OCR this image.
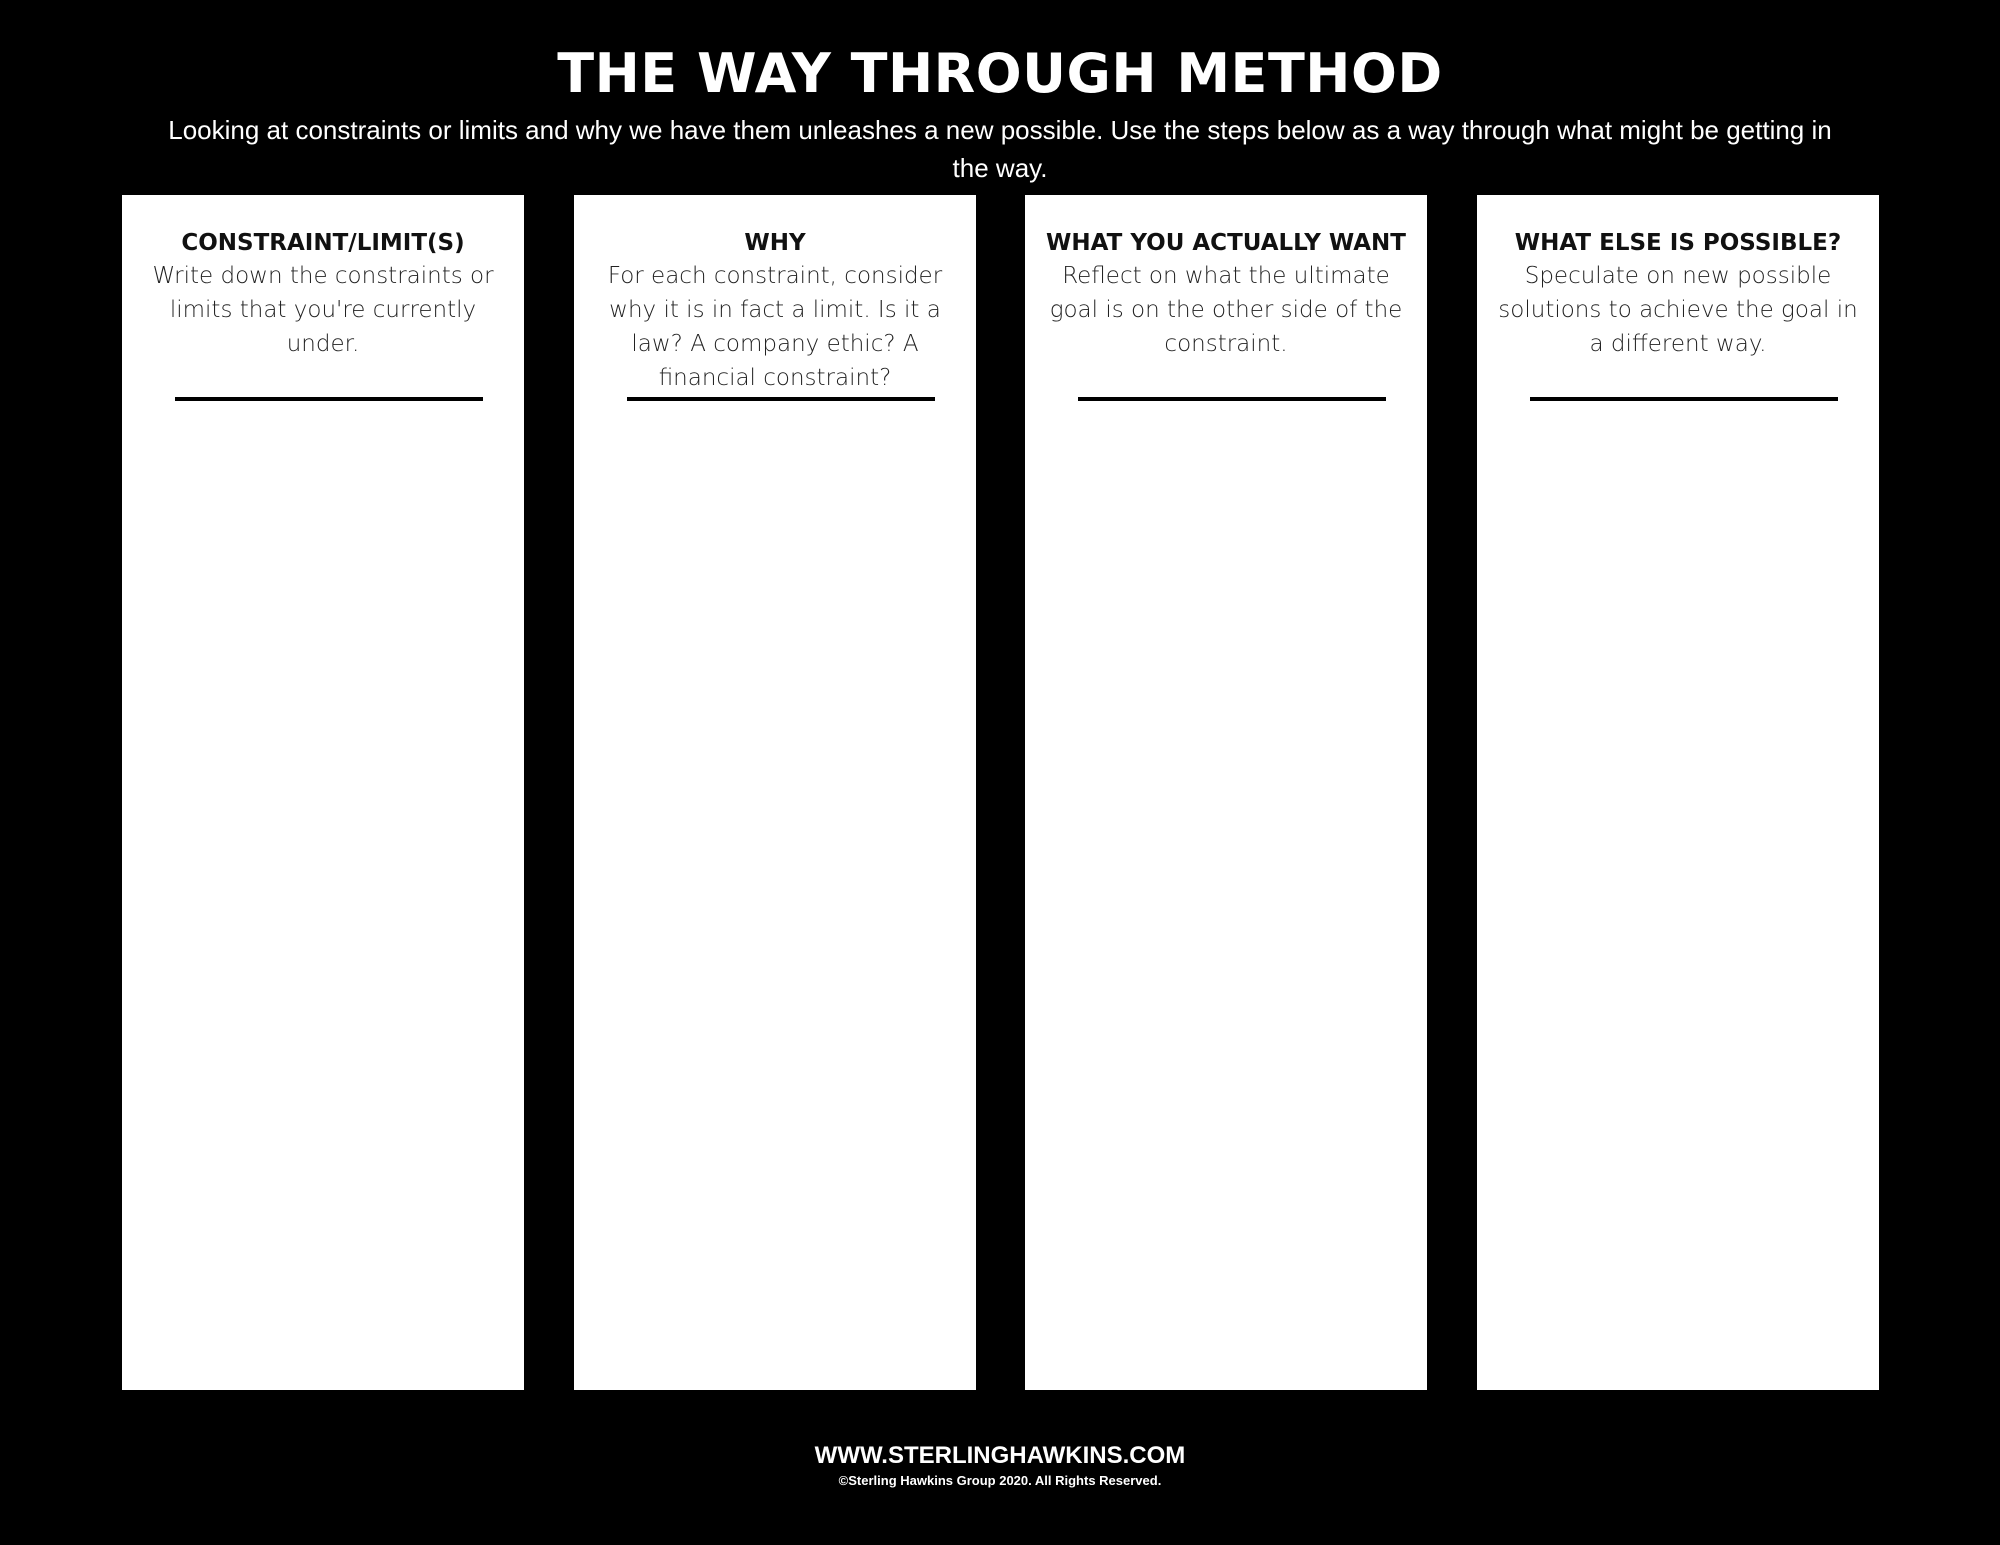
THE WAY THROUGH METHOD

Looking at constraints or limits and why we have them unleashes a new possible. Use the steps below as a way through what might be getting in the way.

CONSTRAINT/LIMIT(S)
Write down the constraints or limits that you're currently under.
WHY
For each constraint, consider why it is in fact a limit. Is it a law? A company ethic? A financial constraint?
WHAT YOU ACTUALLY WANT
Reflect on what the ultimate goal is on the other side of the constraint.
WHAT ELSE IS POSSIBLE?
Speculate on new possible solutions to achieve the goal in a different way.
WWW.STERLINGHAWKINS.COM
©Sterling Hawkins Group 2020. All Rights Reserved.
